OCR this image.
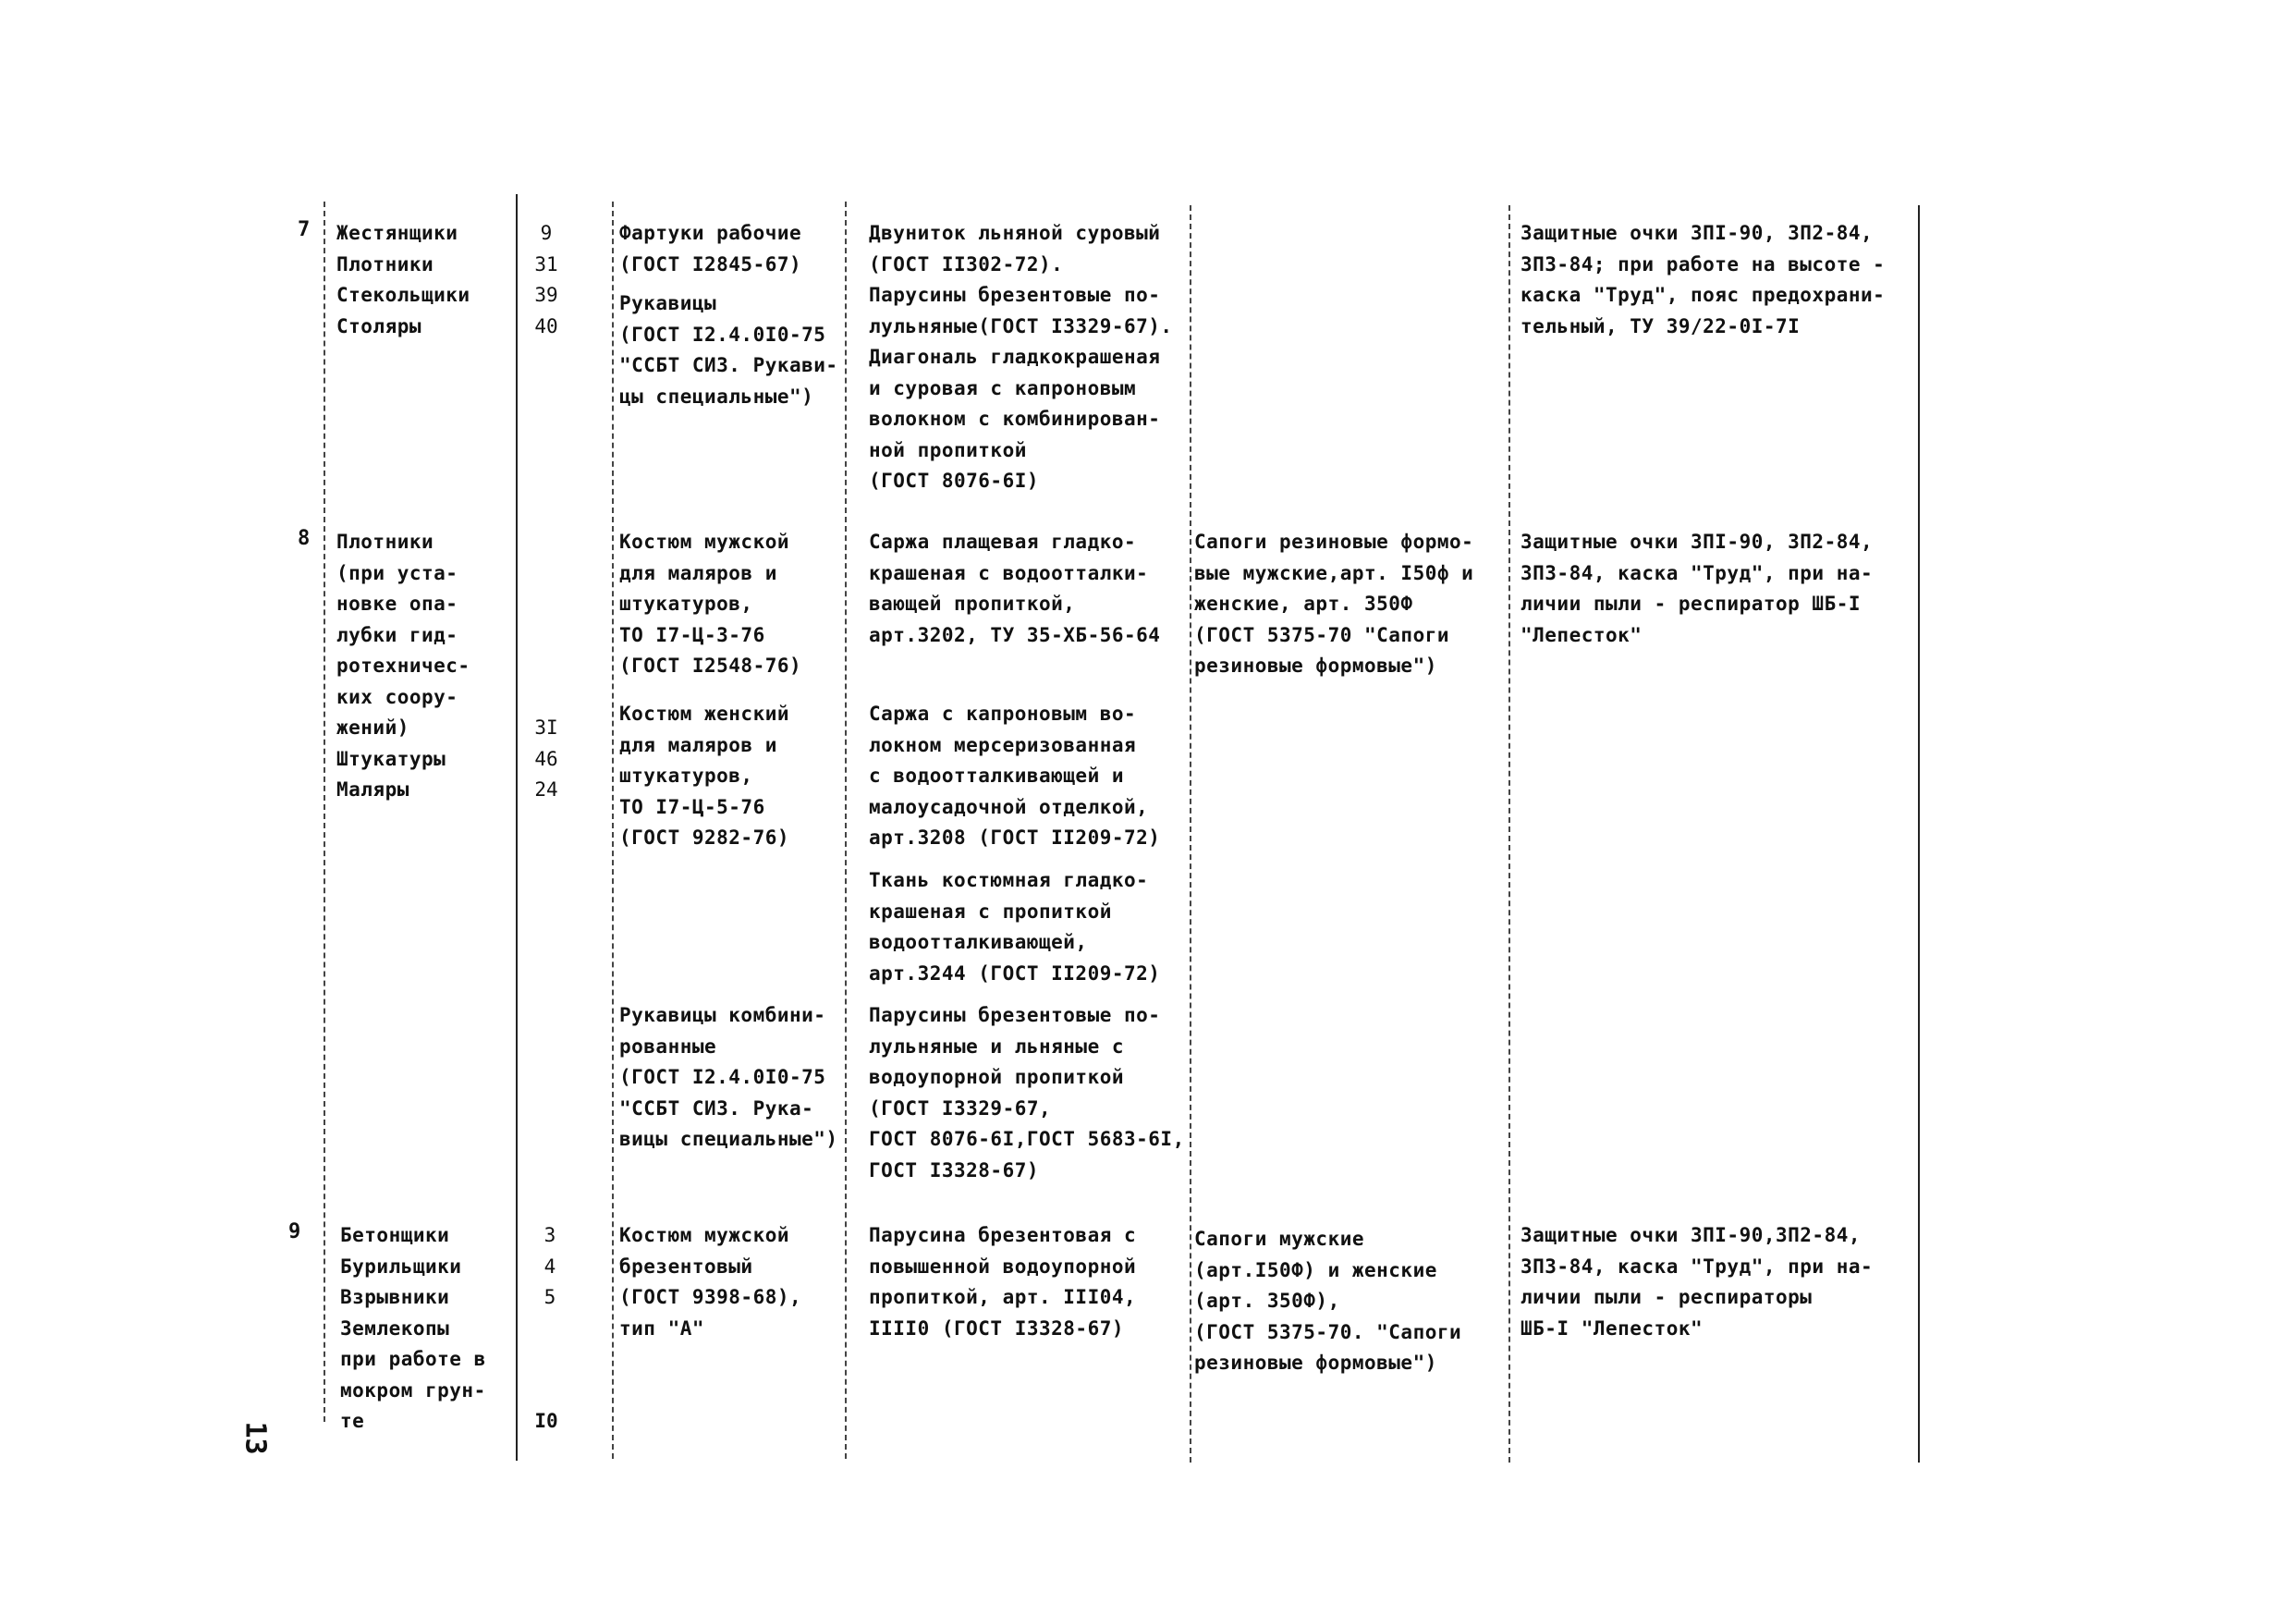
7 Жестянщики
Плотники
Стекольщики
Столяры
9
31
39
40
Фартуки рабочие
(ГОСТ I2845-67)
Рукавицы
(ГОСТ I2.4.0I0-75
"ССБТ СИЗ. Рукави-
цы специальные")
Двуниток льняной суровый
(ГОСТ II302-72).
Парусины брезентовые по-
лульняные(ГОСТ I3329-67).
Диагональ гладкокрашеная
и суровая с капроновым
волокном с комбинирован-
ной пропиткой
(ГОСТ 8076-6I)
Защитные очки ЗПI-90, ЗП2-84,
ЗП3-84; при работе на высоте -
каска "Труд", пояс предохрани-
тельный, ТУ 39/22-0I-7I
8 Плотники
(при уста-
новке опа-
лубки гид-
ротехничес-
ких соору-
жений)
Штукатуры
Маляры
3I
46
24
Костюм мужской
для маляров и
штукатуров,
ТО I7-Ц-3-76
(ГОСТ I2548-76)
Костюм женский
для маляров и
штукатуров,
ТО I7-Ц-5-76
(ГОСТ 9282-76)
Рукавицы комбини-
рованные
(ГОСТ I2.4.0I0-75
"ССБТ СИЗ. Рука-
вицы специальные")
Саржа плащевая гладко-
крашеная с водоотталки-
вающей пропиткой,
арт.3202, ТУ 35-ХБ-56-64
Саржа с капроновым во-
локном мерсеризованная
с водоотталкивающей и
малоусадочной отделкой,
арт.3208 (ГОСТ II209-72)
Ткань костюмная гладко-
крашеная с пропиткой
водоотталкивающей,
арт.3244 (ГОСТ II209-72)
Парусины брезентовые по-
лульняные и льняные с
водоупорной пропиткой
(ГОСТ I3329-67,
ГОСТ 8076-6I,ГОСТ 5683-6I,
ГОСТ I3328-67)
Сапоги резиновые формо-
вые мужские,арт. I50ф и
женские, арт. 350Ф
(ГОСТ 5375-70 "Сапоги
резиновые формовые")
Защитные очки ЗПI-90, ЗП2-84,
ЗП3-84, каска "Труд", при на-
личии пыли - респиратор ШБ-I
"Лепесток"
9 Бетонщики
Бурильщики
Взрывники
Землекопы
при работе в
мокром грун-
те
3
4
5
I0
Костюм мужской
брезентовый
(ГОСТ 9398-68),
тип "А"
Парусина брезентовая с
повышенной водоупорной
пропиткой, арт. III04,
IIII0 (ГОСТ I3328-67)
Сапоги мужские
(арт.I50Ф) и женские
(арт. 350Ф),
(ГОСТ 5375-70. "Сапоги
резиновые формовые")
Защитные очки ЗПI-90,ЗП2-84,
ЗП3-84, каска "Труд", при на-
личии пыли - респираторы
ШБ-I "Лепесток"
13
